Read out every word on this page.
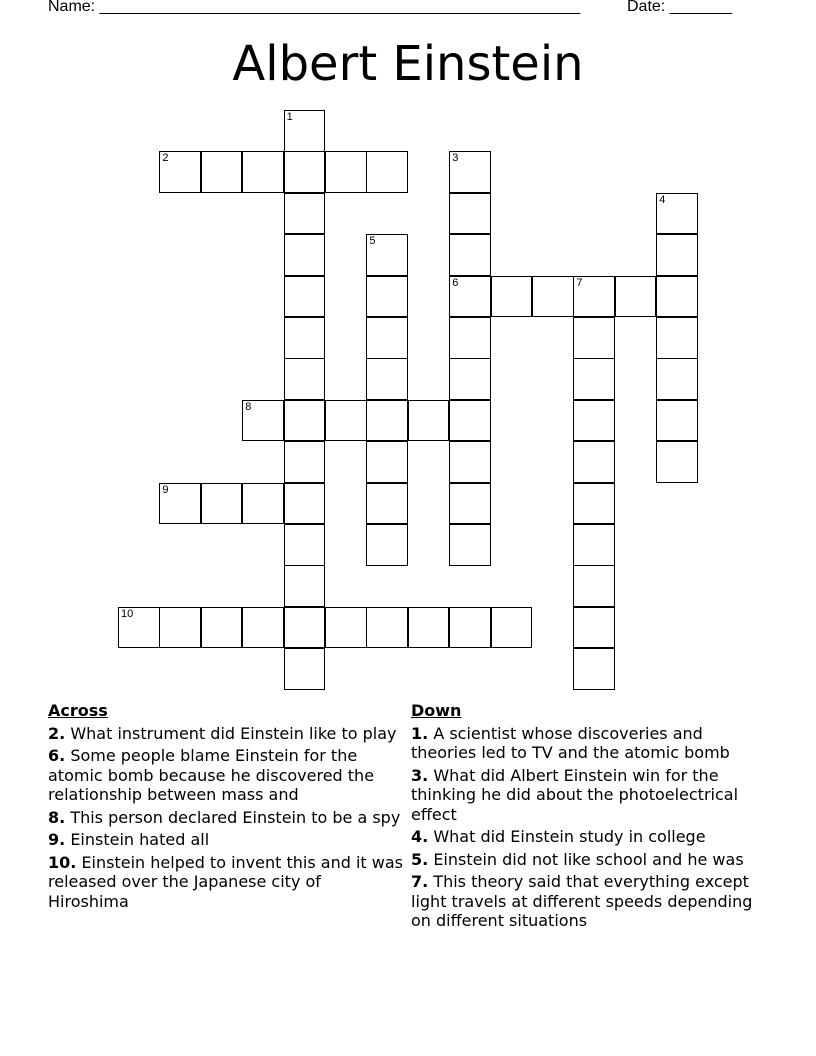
Name: ______________________________________________________	Date: _______
Albert Einstein
1
2	3
4
5
6	7
8
9
10
Across
2. What instrument did Einstein like to play
6. Some people blame Einstein for the atomic bomb because he discovered the relationship between mass and
8. This person declared Einstein to be a spy
9. Einstein hated all
10. Einstein helped to invent this and it was released over the Japanese city of Hiroshima
Down
1. A scientist whose discoveries and theories led to TV and the atomic bomb
3. What did Albert Einstein win for the thinking he did about the photoelectrical effect
4. What did Einstein study in college
5. Einstein did not like school and he was
7. This theory said that everything except light travels at different speeds depending on different situations
